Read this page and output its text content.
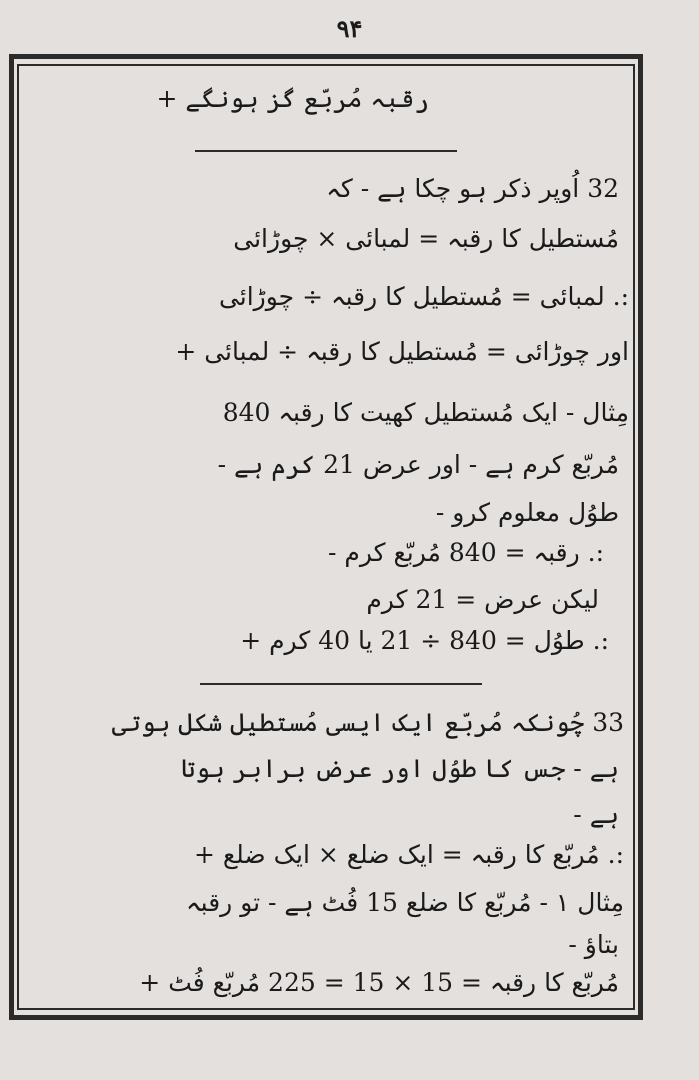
۹۴
رقبہ مُربّع گز ہونگے +
32 اُوپر ذکر ہو چکا ہے - کہ
مُستطیل کا رقبہ = لمبائی × چوڑائی
:. لمبائی = مُستطیل کا رقبہ ÷ چوڑائی
اور چوڑائی = مُستطیل کا رقبہ ÷ لمبائی +
مِثال - ایک مُستطیل کھیت کا رقبہ 840
مُربّع کرم ہے - اور عرض 21 کرم ہے -
طوُل معلوم کرو -
:. رقبہ = 840 مُربّع کرم -
لیکن عرض = 21 کرم
:. طوُل = 840 ÷ 21 یا 40 کرم +
33 چُونکہ مُربّع ایک ایسی مُستطیل شکل ہوتی
ہے - جس کا طوُل اور عرض برابر ہوتا
ہے -
:. مُربّع کا رقبہ = ایک ضلع × ایک ضلع +
مِثال ۱ - مُربّع کا ضلع 15 فُٹ ہے - تو رقبہ
بتاؤ -
مُربّع کا رقبہ = 15 × 15 = 225 مُربّع فُٹ +
